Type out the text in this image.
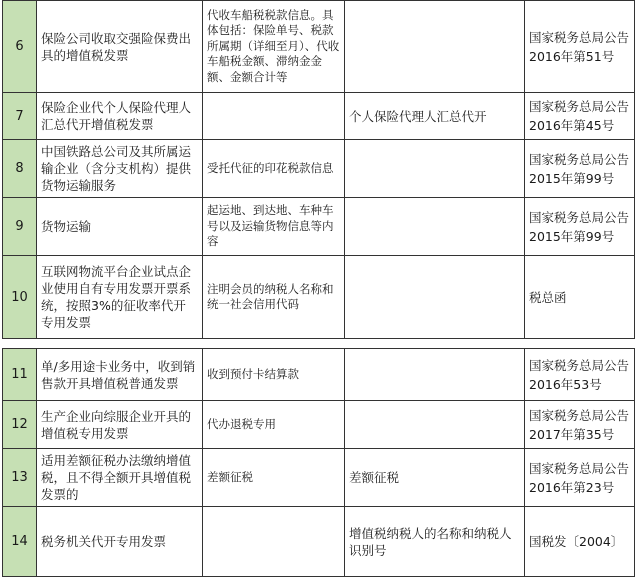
6	保险公司收取交强险保费出具的增值税发票	代收车船税税款信息。具体包括：保险单号、税款所属期（详细至月）、代收车船税金额、滞纳金金额、金额合计等		国家税务总局公告2016年第51号
7	保险企业代个人保险代理人汇总代开增值税发票		个人保险代理人汇总代开	国家税务总局公告2016年第45号
8	中国铁路总公司及其所属运输企业（含分支机构）提供货物运输服务	受托代征的印花税款信息		国家税务总局公告2015年第99号
9	货物运输	起运地、到达地、车种车号以及运输货物信息等内容		国家税务总局公告2015年第99号
10	互联网物流平台企业试点企业使用自有专用发票开票系统，按照3%的征收率代开专用发票	注明会员的纳税人名称和统一社会信用代码		税总函
11	单/多用途卡业务中，收到销售款开具增值税普通发票	收到预付卡结算款		国家税务总局公告2016年53号
12	生产企业向综服企业开具的增值税专用发票	代办退税专用		国家税务总局公告2017年第35号
13	适用差额征税办法缴纳增值税，且不得全额开具增值税发票的	差额征税	差额征税	国家税务总局公告2016年第23号
14	税务机关代开专用发票		增值税纳税人的名称和纳税人识别号	国税发〔2004〕
